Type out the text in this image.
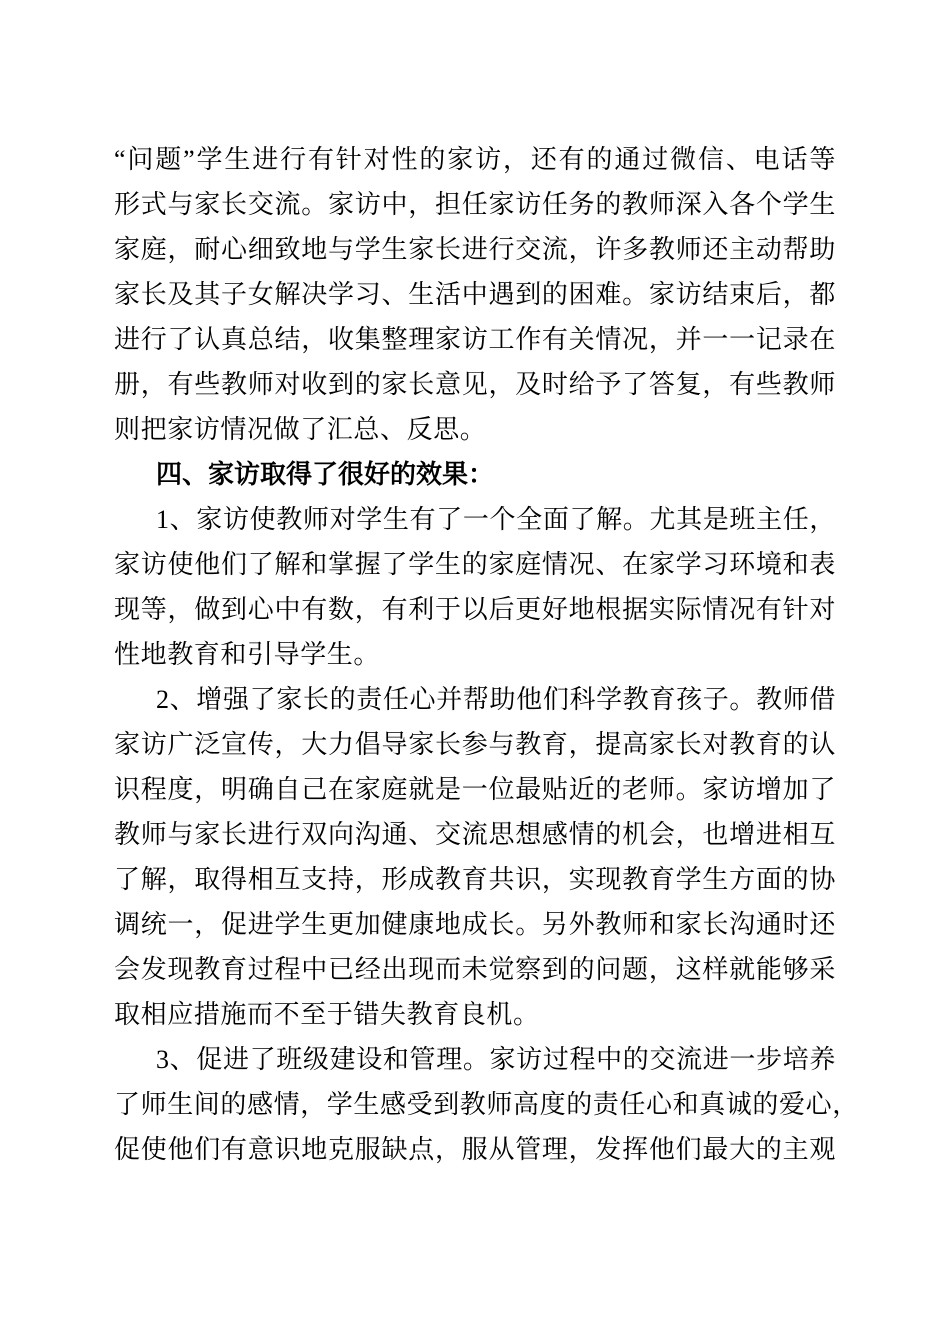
“问题”学生进行有针对性的家访，还有的通过微信、电话等
形式与家长交流。家访中，担任家访任务的教师深入各个学生
家庭，耐心细致地与学生家长进行交流，许多教师还主动帮助
家长及其子女解决学习、生活中遇到的困难。家访结束后，都
进行了认真总结，收集整理家访工作有关情况，并一一记录在
册，有些教师对收到的家长意见，及时给予了答复，有些教师
则把家访情况做了汇总、反思。
四、家访取得了很好的效果：
1、家访使教师对学生有了一个全面了解。尤其是班主任，
家访使他们了解和掌握了学生的家庭情况、在家学习环境和表
现等，做到心中有数，有利于以后更好地根据实际情况有针对
性地教育和引导学生。
2、增强了家长的责任心并帮助他们科学教育孩子。教师借
家访广泛宣传，大力倡导家长参与教育，提高家长对教育的认
识程度，明确自己在家庭就是一位最贴近的老师。家访增加了
教师与家长进行双向沟通、交流思想感情的机会，也增进相互
了解，取得相互支持，形成教育共识，实现教育学生方面的协
调统一，促进学生更加健康地成长。另外教师和家长沟通时还
会发现教育过程中已经出现而未觉察到的问题，这样就能够采
取相应措施而不至于错失教育良机。
3、促进了班级建设和管理。家访过程中的交流进一步培养
了师生间的感情，学生感受到教师高度的责任心和真诚的爱心，
促使他们有意识地克服缺点，服从管理，发挥他们最大的主观
